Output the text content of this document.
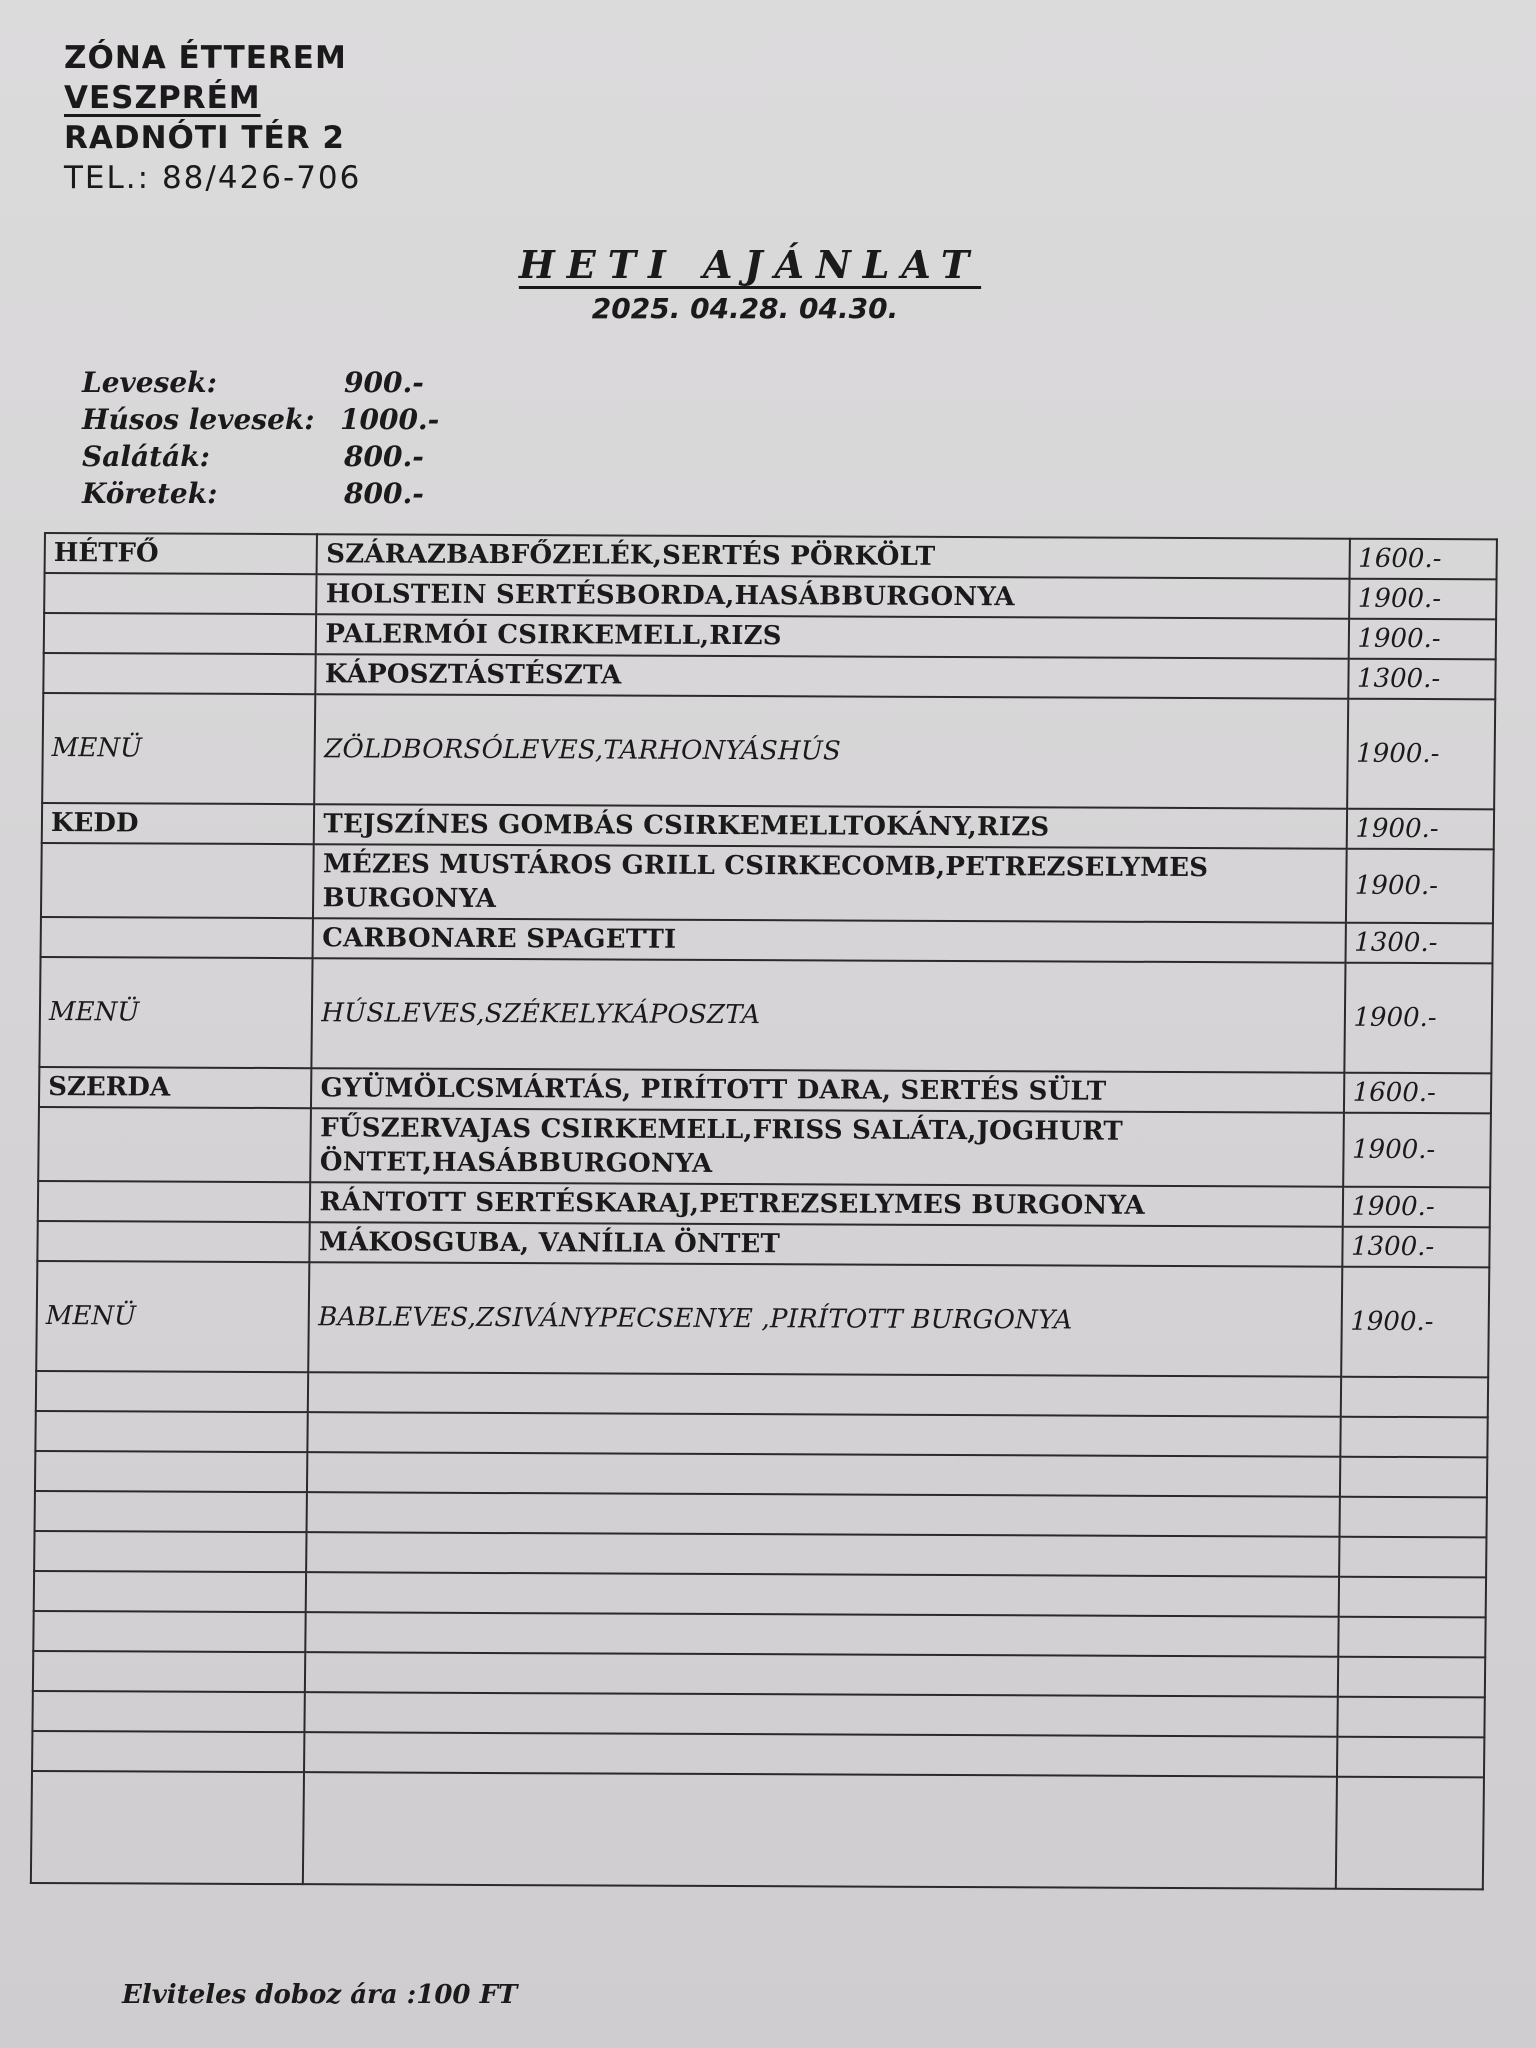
ZÓNA ÉTTEREM
VESZPRÉM
RADNÓTI TÉR 2
TEL.: 88/426-706
HETI AJÁNLAT
2025. 04.28. 04.30.
Levesek:	900.-
Húsos levesek: 1000.-
Saláták:	800.-
Köretek:	800.-
HÉTFŐ	SZÁRAZBABFŐZELÉK,SERTÉS PÖRKÖLT	1600.-
	HOLSTEIN SERTÉSBORDA,HASÁBBURGONYA	1900.-
	PALERMÓI CSIRKEMELL,RIZS	1900.-
	KÁPOSZTÁSTÉSZTA	1300.-
MENÜ	ZÖLDBORSÓLEVES,TARHONYÁSHÚS	1900.-
KEDD	TEJSZÍNES GOMBÁS CSIRKEMELLTOKÁNY,RIZS	1900.-
	MÉZES MUSTÁROS GRILL CSIRKECOMB,PETREZSELYMES BURGONYA	1900.-
	CARBONARE SPAGETTI	1300.-
MENÜ	HÚSLEVES,SZÉKELYKÁPOSZTA	1900.-
SZERDA	GYÜMÖLCSMÁRTÁS, PIRÍTOTT DARA, SERTÉS SÜLT	1600.-
	FŰSZERVAJAS CSIRKEMELL,FRISS SALÁTA,JOGHURT ÖNTET,HASÁBBURGONYA	1900.-
	RÁNTOTT SERTÉSKARAJ,PETREZSELYMES BURGONYA	1900.-
	MÁKOSGUBA, VANÍLIA ÖNTET	1300.-
MENÜ	BABLEVES,ZSIVÁNYPECSENYE ,PIRÍTOTT BURGONYA	1900.-

Elviteles doboz ára :100 FT
